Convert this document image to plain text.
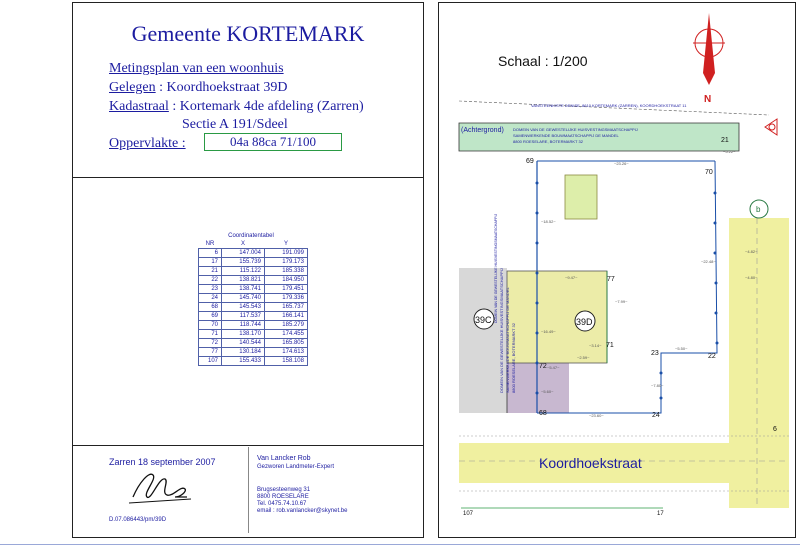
Gemeente KORTEMARK
Metingsplan van een woonhuis
Gelegen : Koordhoekstraat 39D
Kadastraal : Kortemark 4de afdeling (Zarren)
Sectie A 191/Sdeel
Oppervlakte :	04a 88ca 71/100
Coordinatentabel
NR	X	Y
6	147.004	191.099
17	155.739	179.173
21	115.122	185.338
22	138.821	184.950
23	138.741	179.451
24	145.740	179.336
68	145.543	165.737
69	117.537	166.141
70	118.744	185.279
71	138.170	174.455
72	140.544	165.805
77	130.184	174.613
107	155.433	158.108
Zarren 18 september 2007
D.07.086443/pm/39D
Van Lancker Rob
Gezworen Landmeter-Expert
Brugsesteenweg 31
8800 ROESELARE
Tel. 0475.74.10.67
email : rob.vanlancker@skynet.be
VANSTEENKISTE DENISE, 8610 KORTEMARK (ZARREN), KOORDHOEKSTRAAT 11
(Achtergrond) DOMEIN VAN DE GEWESTELIJKE HUISVESTINGSMAATSCHAPPIJ
SAMENWERKENDE BOUWMAATSCHAPPIJ DE MANDEL
8800 ROESELARE, BOTERMARKT 32
DOMEIN VAN DE GEWESTELIJKE HUISVESTINGSMAATSCHAPPIJ SAMENWERKENDE BOUWMAATSCHAPPIJ DE MANDEL 8800 ROESELARE, BOTERMARKT 32
DOMEIN VAN DE GEWESTELIJKE HUISVESTINGSMAATSCHAPPIJ
39C	39D
b
N
21
70
69
77
71
23	22
72
24
68
6
107	17
~23.26~
~9.47~
~7.99~
~16.49~
~5.47~
~3.14~
~5.50~
~23.60~
~18.52~
~22.48~
~7.80~
~5.60~
~4.82~
~4.80~
~2.59~
~5.22~
Schaal : 1/200
Koordhoekstraat
